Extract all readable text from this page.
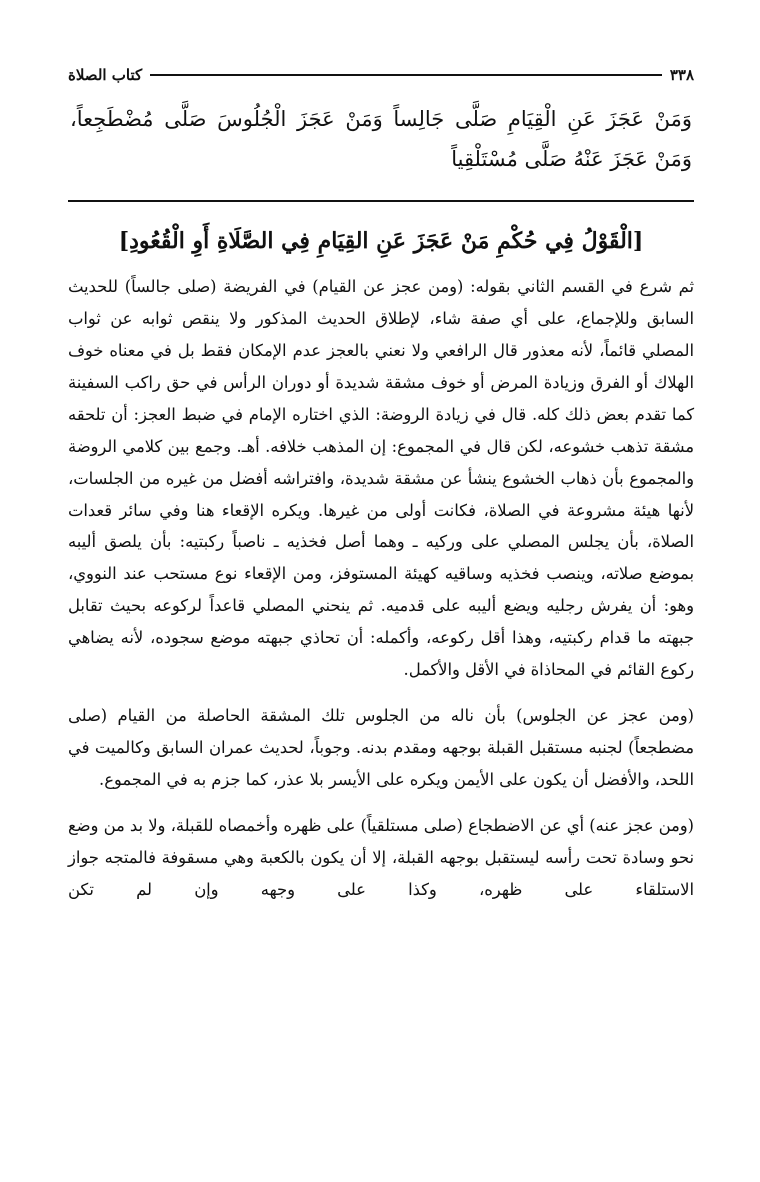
٣٣٨
كتاب الصلاة
وَمَنْ عَجَزَ عَنِ الْقِيَامِ صَلَّى جَالِساً وَمَنْ عَجَزَ الْجُلُوسَ صَلَّى مُضْطَجِعاً، وَمَنْ عَجَزَ عَنْهُ صَلَّى مُسْتَلْقِياً
[الْقَوْلُ فِي حُكْمِ مَنْ عَجَزَ عَنِ القِيَامِ فِي الصَّلَاةِ أَوِ الْقُعُودِ]

ثم شرع في القسم الثاني بقوله: (ومن عجز عن القيام) في الفريضة (صلى جالساً) للحديث السابق وللإجماع، على أي صفة شاء، لإطلاق الحديث المذكور ولا ينقص ثوابه عن ثواب المصلي قائماً، لأنه معذور قال الرافعي ولا نعني بالعجز عدم الإمكان فقط بل في معناه خوف الهلاك أو الفرق وزيادة المرض أو خوف مشقة شديدة أو دوران الرأس في حق راكب السفينة كما تقدم بعض ذلك كله. قال في زيادة الروضة: الذي اختاره الإمام في ضبط العجز: أن تلحقه مشقة تذهب خشوعه، لكن قال في المجموع: إن المذهب خلافه. أهـ. وجمع بين كلامي الروضة والمجموع بأن ذهاب الخشوع ينشأ عن مشقة شديدة، وافتراشه أفضل من غيره من الجلسات، لأنها هيئة مشروعة في الصلاة، فكانت أولى من غيرها. ويكره الإقعاء هنا وفي سائر قعدات الصلاة، بأن يجلس المصلي على وركيه ـ وهما أصل فخذيه ـ ناصباً ركبتيه: بأن يلصق أليبه بموضع صلاته، وينصب فخذيه وساقيه كهيئة المستوفز، ومن الإقعاء نوع مستحب عند النووي، وهو: أن يفرش رجليه ويضع أليبه على قدميه. ثم ينحني المصلي قاعداً لركوعه بحيث تقابل جبهته ما قدام ركبتيه، وهذا أقل ركوعه، وأكمله: أن تحاذي جبهته موضع سجوده، لأنه يضاهي ركوع القائم في المحاذاة في الأقل والأكمل.

(ومن عجز عن الجلوس) بأن ناله من الجلوس تلك المشقة الحاصلة من القيام (صلى مضطجعاً) لجنبه مستقبل القبلة بوجهه ومقدم بدنه. وجوباً، لحديث عمران السابق وكالميت في اللحد، والأفضل أن يكون على الأيمن ويكره على الأيسر بلا عذر، كما جزم به في المجموع.

(ومن عجز عنه) أي عن الاضطجاع (صلى مستلقياً) على ظهره وأخمصاه للقبلة، ولا بد من وضع نحو وسادة تحت رأسه ليستقبل بوجهه القبلة، إلا أن يكون بالكعبة وهي مسقوفة فالمتجه جواز الاستلقاء على ظهره، وكذا على وجهه وإن لم تكن
